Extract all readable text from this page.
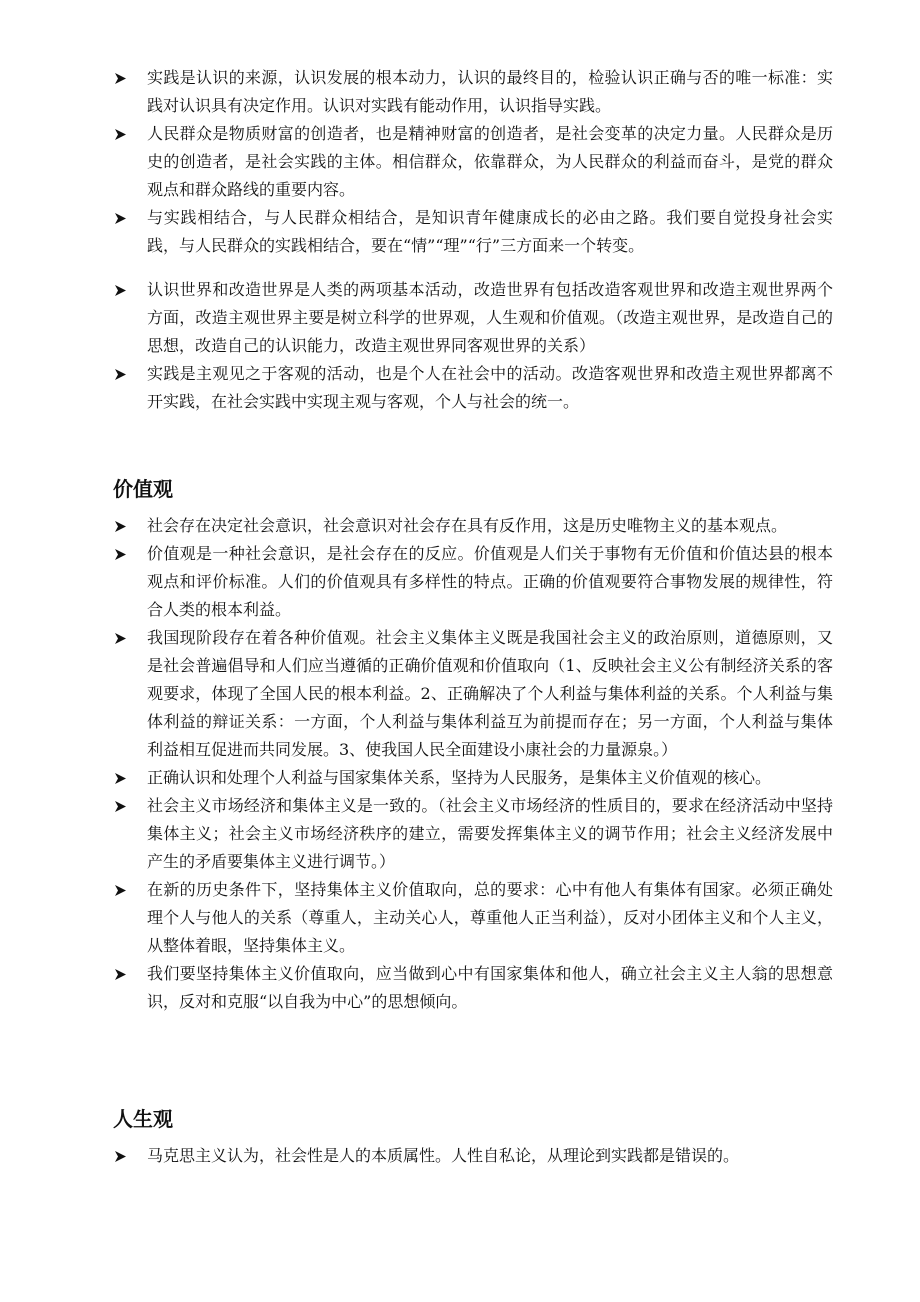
实践是认识的来源，认识发展的根本动力，认识的最终目的，检验认识正确与否的唯一标准：实践对认识具有决定作用。认识对实践有能动作用，认识指导实践。

人民群众是物质财富的创造者，也是精神财富的创造者，是社会变革的决定力量。人民群众是历史的创造者，是社会实践的主体。相信群众，依靠群众，为人民群众的利益而奋斗，是党的群众观点和群众路线的重要内容。

与实践相结合，与人民群众相结合，是知识青年健康成长的必由之路。我们要自觉投身社会实践，与人民群众的实践相结合，要在“情”“理”“行”三方面来一个转变。

认识世界和改造世界是人类的两项基本活动，改造世界有包括改造客观世界和改造主观世界两个方面，改造主观世界主要是树立科学的世界观，人生观和价值观。（改造主观世界，是改造自己的思想，改造自己的认识能力，改造主观世界同客观世界的关系）

实践是主观见之于客观的活动，也是个人在社会中的活动。改造客观世界和改造主观世界都离不开实践，在社会实践中实现主观与客观，个人与社会的统一。

价值观

社会存在决定社会意识，社会意识对社会存在具有反作用，这是历史唯物主义的基本观点。

价值观是一种社会意识，是社会存在的反应。价值观是人们关于事物有无价值和价值达县的根本观点和评价标准。人们的价值观具有多样性的特点。正确的价值观要符合事物发展的规律性，符合人类的根本利益。

我国现阶段存在着各种价值观。社会主义集体主义既是我国社会主义的政治原则，道德原则，又是社会普遍倡导和人们应当遵循的正确价值观和价值取向（1、反映社会主义公有制经济关系的客观要求，体现了全国人民的根本利益。2、正确解决了个人利益与集体利益的关系。个人利益与集体利益的辩证关系：一方面，个人利益与集体利益互为前提而存在；另一方面，个人利益与集体利益相互促进而共同发展。3、使我国人民全面建设小康社会的力量源泉。）

正确认识和处理个人利益与国家集体关系，坚持为人民服务，是集体主义价值观的核心。

社会主义市场经济和集体主义是一致的。（社会主义市场经济的性质目的，要求在经济活动中坚持集体主义；社会主义市场经济秩序的建立，需要发挥集体主义的调节作用；社会主义经济发展中产生的矛盾要集体主义进行调节。）

在新的历史条件下，坚持集体主义价值取向，总的要求：心中有他人有集体有国家。必须正确处理个人与他人的关系（尊重人，主动关心人，尊重他人正当利益），反对小团体主义和个人主义，从整体着眼，坚持集体主义。

我们要坚持集体主义价值取向，应当做到心中有国家集体和他人，确立社会主义主人翁的思想意识，反对和克服“以自我为中心”的思想倾向。

人生观

马克思主义认为，社会性是人的本质属性。人性自私论，从理论到实践都是错误的。
